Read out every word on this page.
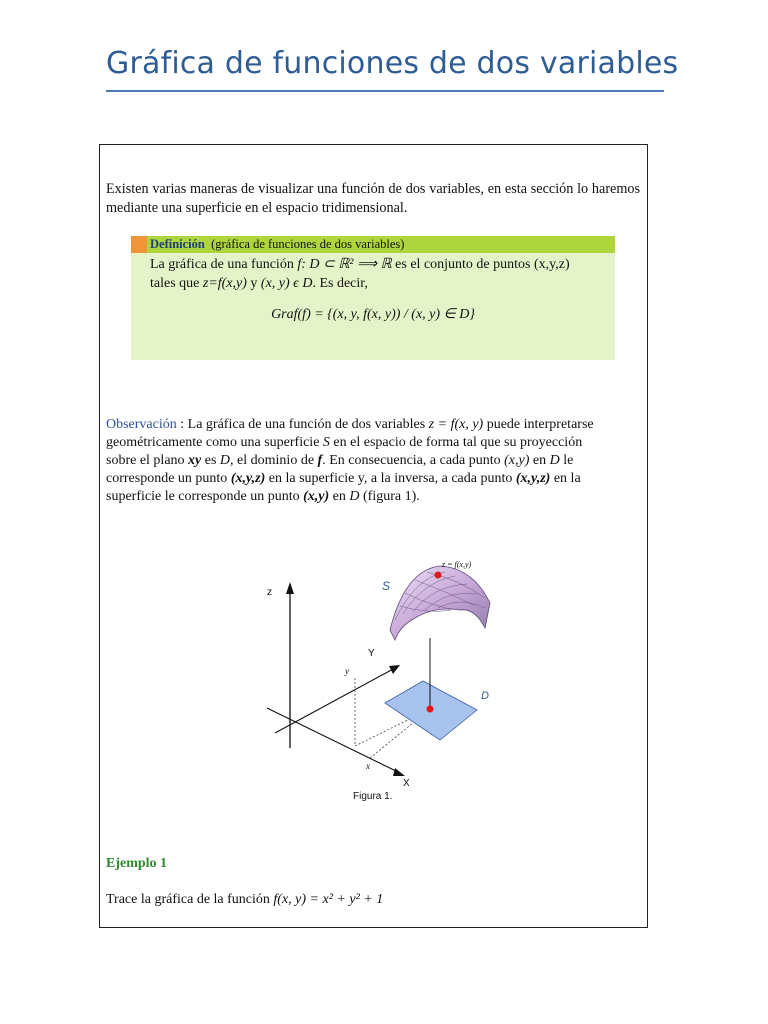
Gráfica de funciones de dos variables
Existen varias maneras de visualizar una función de dos variables, en esta sección lo haremos mediante una superficie en el espacio tridimensional.
Definición (gráfica de funciones de dos variables)
La gráfica de una función f: D ⊂ ℝ² ⟹ ℝ es el conjunto de puntos (x,y,z)
tales que z=f(x,y) y (x, y) ϵ D. Es decir,
Graf(f) = {(x, y, f(x, y)) / (x, y) ∈ D}
Observación : La gráfica de una función de dos variables z = f(x, y) puede interpretarse geométricamente como una superficie S en el espacio de forma tal que su proyección sobre el plano xy es D, el dominio de f. En consecuencia, a cada punto (x,y) en D le corresponde un punto (x,y,z) en la superficie y, a la inversa, a cada punto (x,y,z) en la superficie le corresponde un punto (x,y) en D (figura 1).
z
Y
y
X
x
S
D
z = f(x,y)
Figura 1.
Ejemplo 1
Trace la gráfica de la función f(x, y) = x² + y² + 1
